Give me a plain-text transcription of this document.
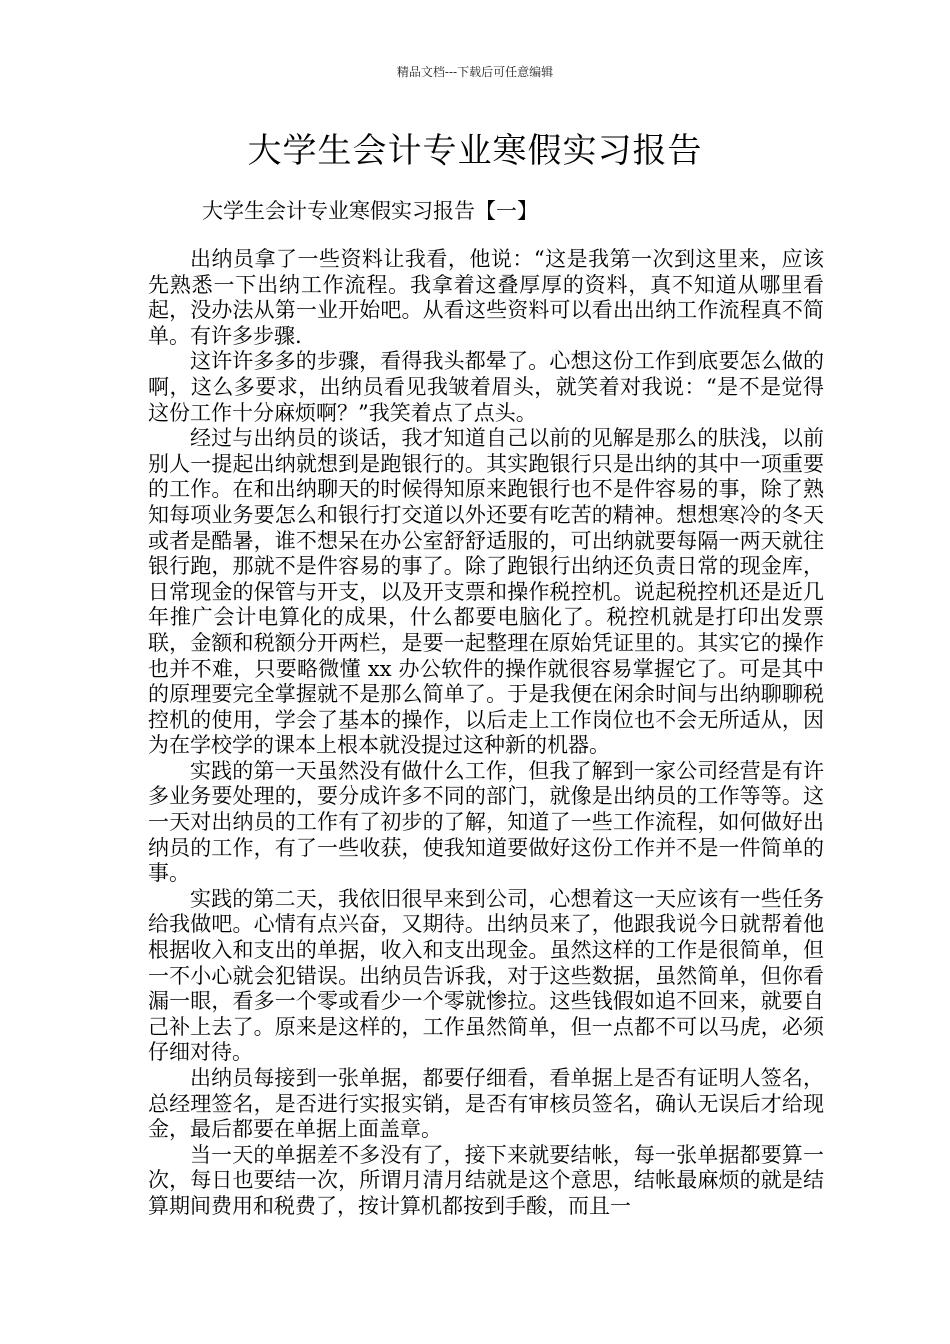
精品文档---下载后可任意编辑
大学生会计专业寒假实习报告
大学生会计专业寒假实习报告【一】

出纳员拿了一些资料让我看，他说：“这是我第一次到这里来，应该先熟悉一下出纳工作流程。我拿着这叠厚厚的资料，真不知道从哪里看起，没办法从第一业开始吧。从看这些资料可以看出出纳工作流程真不简单。有许多步骤.

这许许多多的步骤，看得我头都晕了。心想这份工作到底要怎么做的啊，这么多要求，出纳员看见我皱着眉头，就笑着对我说：“是不是觉得这份工作十分麻烦啊？”我笑着点了点头。

经过与出纳员的谈话，我才知道自己以前的见解是那么的肤浅，以前别人一提起出纳就想到是跑银行的。其实跑银行只是出纳的其中一项重要的工作。在和出纳聊天的时候得知原来跑银行也不是件容易的事，除了熟知每项业务要怎么和银行打交道以外还要有吃苦的精神。想想寒冷的冬天或者是酷暑，谁不想呆在办公室舒舒适服的，可出纳就要每隔一两天就往银行跑，那就不是件容易的事了。除了跑银行出纳还负责日常的现金库，日常现金的保管与开支，以及开支票和操作税控机。说起税控机还是近几年推广会计电算化的成果，什么都要电脑化了。税控机就是打印出发票联，金额和税额分开两栏，是要一起整理在原始凭证里的。其实它的操作也并不难，只要略微懂 xx 办公软件的操作就很容易掌握它了。可是其中的原理要完全掌握就不是那么简单了。于是我便在闲余时间与出纳聊聊税控机的使用，学会了基本的操作，以后走上工作岗位也不会无所适从，因为在学校学的课本上根本就没提过这种新的机器。

实践的第一天虽然没有做什么工作，但我了解到一家公司经营是有许多业务要处理的，要分成许多不同的部门，就像是出纳员的工作等等。这一天对出纳员的工作有了初步的了解，知道了一些工作流程，如何做好出纳员的工作，有了一些收获，使我知道要做好这份工作并不是一件简单的事。

实践的第二天，我依旧很早来到公司，心想着这一天应该有一些任务给我做吧。心情有点兴奋，又期待。出纳员来了，他跟我说今日就帮着他根据收入和支出的单据，收入和支出现金。虽然这样的工作是很简单，但一不小心就会犯错误。出纳员告诉我，对于这些数据，虽然简单，但你看漏一眼，看多一个零或看少一个零就惨拉。这些钱假如追不回来，就要自己补上去了。原来是这样的，工作虽然简单，但一点都不可以马虎，必须仔细对待。

出纳员每接到一张单据，都要仔细看，看单据上是否有证明人签名，总经理签名，是否进行实报实销，是否有审核员签名，确认无误后才给现金，最后都要在单据上面盖章。

当一天的单据差不多没有了，接下来就要结帐，每一张单据都要算一次，每日也要结一次，所谓月清月结就是这个意思，结帐最麻烦的就是结算期间费用和税费了，按计算机都按到手酸，而且一
